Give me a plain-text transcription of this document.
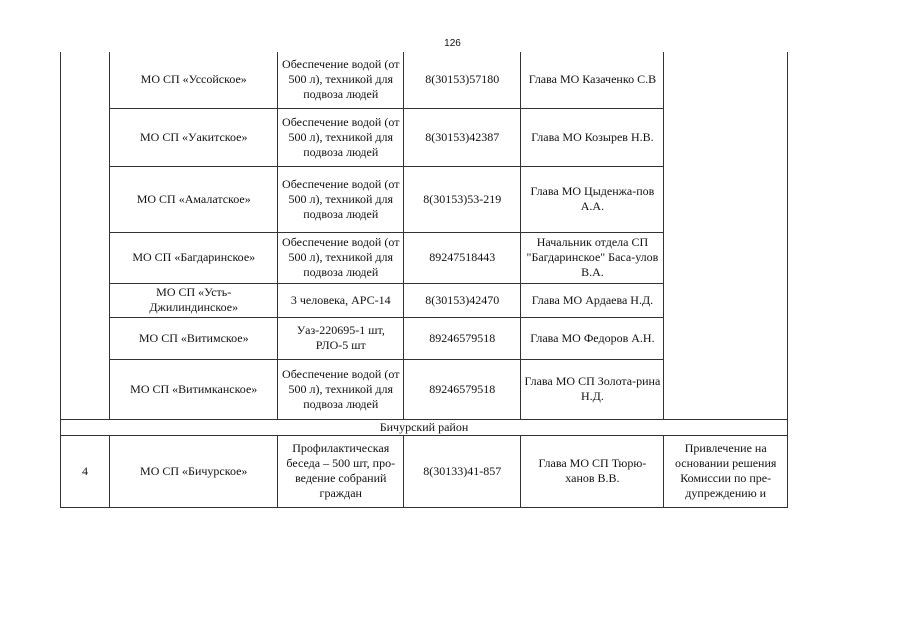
126
	МО СП «Уссойское»	Обеспечение водой (от 500 л), техникой для подвоза людей	8(30153)57180	Глава МО Казаченко С.В	
	МО СП «Уакитское»	Обеспечение водой (от 500 л), техникой для подвоза людей	8(30153)42387	Глава МО Козырев Н.В.	
	МО СП «Амалатское»	Обеспечение водой (от 500 л), техникой для подвоза людей	8(30153)53-219	Глава МО Цыденжа-пов А.А.	
	МО СП «Багдаринское»	Обеспечение водой (от 500 л), техникой для подвоза людей	89247518443	Начальник отдела СП "Багдаринское" Баса-улов В.А.	
	МО СП «Усть-Джилиндинское»	3 человека, АРС-14	8(30153)42470	Глава МО Ардаева Н.Д.	
	МО СП «Витимское»	Уаз-220695-1 шт, РЛО-5 шт	89246579518	Глава МО Федоров А.Н.	
	МО СП «Витимканское»	Обеспечение водой (от 500 л), техникой для подвоза людей	89246579518	Глава МО СП Золота-рина Н.Д.	
Бичурский район					
4	МО СП «Бичурское»	Профилактическая беседа – 500 шт, про-ведение собраний граждан	8(30133)41-857	Глава МО СП Тюрю-ханов В.В.	Привлечение на основании решения Комиссии по пре-дупреждению и
